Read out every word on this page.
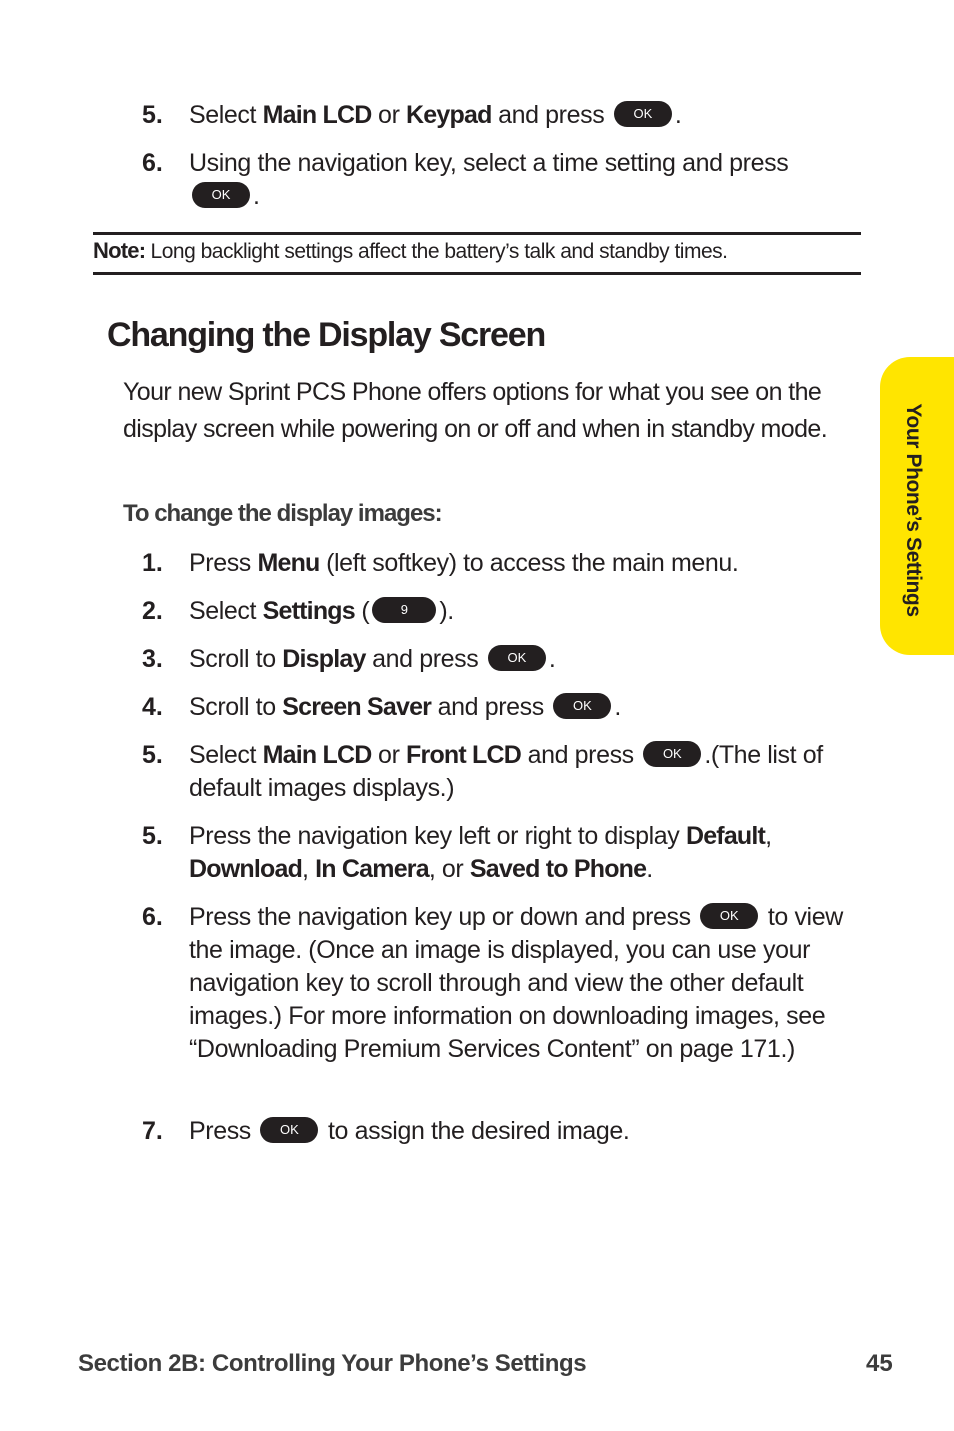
5. Select Main LCD or Keypad and press OK .
6. Using the navigation key, select a time setting and press
OK .
Note: Long backlight settings affect the battery’s talk and standby times.
Changing the Display Screen
Your new Sprint PCS Phone offers options for what you see on the display screen while powering on or off and when in standby mode.
To change the display images:
1. Press Menu (left softkey) to access the main menu.
2. Select Settings ( 9 ).
3. Scroll to Display and press OK .
4. Scroll to Screen Saver and press OK .
5. Select Main LCD or Front LCD and press OK .(The list of default images displays.)
5. Press the navigation key left or right to display Default, Download, In Camera, or Saved to Phone.
6. Press the navigation key up or down and press OK to view the image. (Once an image is displayed, you can use your navigation key to scroll through and view the other default images.) For more information on downloading images, see “Downloading Premium Services Content” on page 171.)
7. Press OK to assign the desired image.
Your Phone’s Settings
Section 2B: Controlling Your Phone’s Settings	45
